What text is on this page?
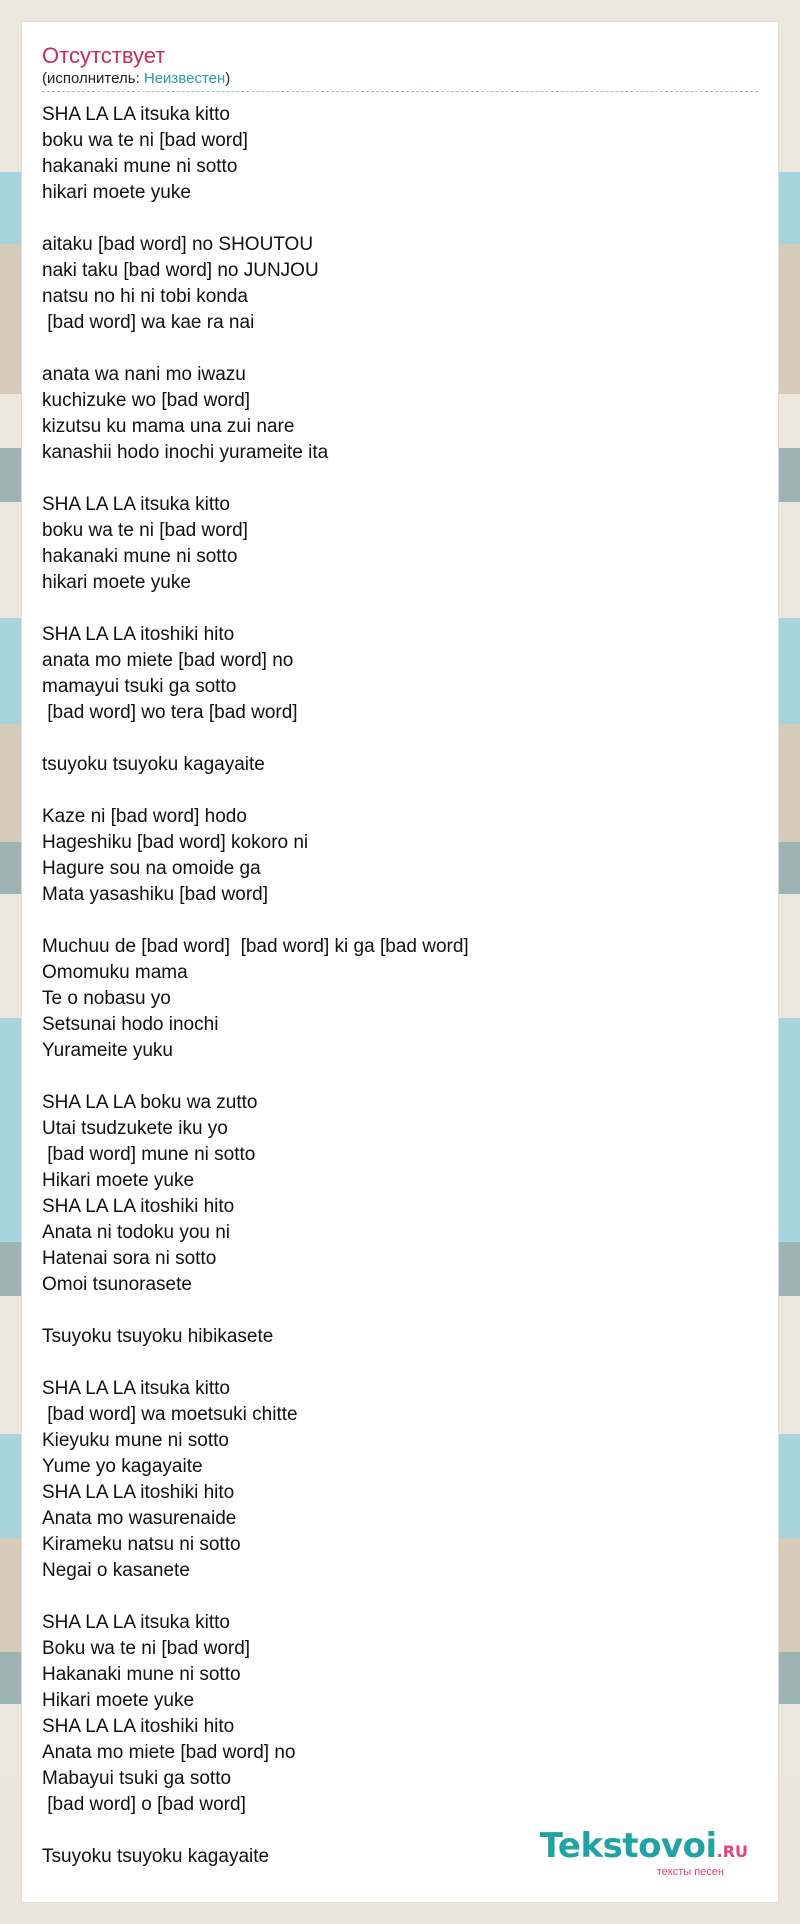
Отсутствует
(исполнитель: Неизвестен)
SHA LA LA itsuka kitto
boku wa te ni [bad word]
hakanaki mune ni sotto
hikari moete yuke
aitaku [bad word] no SHOUTOU
naki taku [bad word] no JUNJOU
natsu no hi ni tobi konda
[bad word] wa kae ra nai
anata wa nani mo iwazu
kuchizuke wo [bad word]
kizutsu ku mama una zui nare
kanashii hodo inochi yurameite ita
SHA LA LA itsuka kitto
boku wa te ni [bad word]
hakanaki mune ni sotto
hikari moete yuke
SHA LA LA itoshiki hito
anata mo miete [bad word] no
mamayui tsuki ga sotto
[bad word] wo tera [bad word]
tsuyoku tsuyoku kagayaite
Kaze ni [bad word] hodo
Hageshiku [bad word] kokoro ni
Hagure sou na omoide ga
Mata yasashiku [bad word]
Muchuu de [bad word]  [bad word] ki ga [bad word]
Omomuku mama
Te o nobasu yo
Setsunai hodo inochi
Yurameite yuku
SHA LA LA boku wa zutto
Utai tsudzukete iku yo
[bad word] mune ni sotto
Hikari moete yuke
SHA LA LA itoshiki hito
Anata ni todoku you ni
Hatenai sora ni sotto
Omoi tsunorasete
Tsuyoku tsuyoku hibikasete
SHA LA LA itsuka kitto
[bad word] wa moetsuki chitte
Kieyuku mune ni sotto
Yume yo kagayaite
SHA LA LA itoshiki hito
Anata mo wasurenaide
Kirameku natsu ni sotto
Negai o kasanete
SHA LA LA itsuka kitto
Boku wa te ni [bad word]
Hakanaki mune ni sotto
Hikari moete yuke
SHA LA LA itoshiki hito
Anata mo miete [bad word] no
Mabayui tsuki ga sotto
[bad word] o [bad word]
Tsuyoku tsuyoku kagayaite	Tekstovoi.RU
тексты песен
